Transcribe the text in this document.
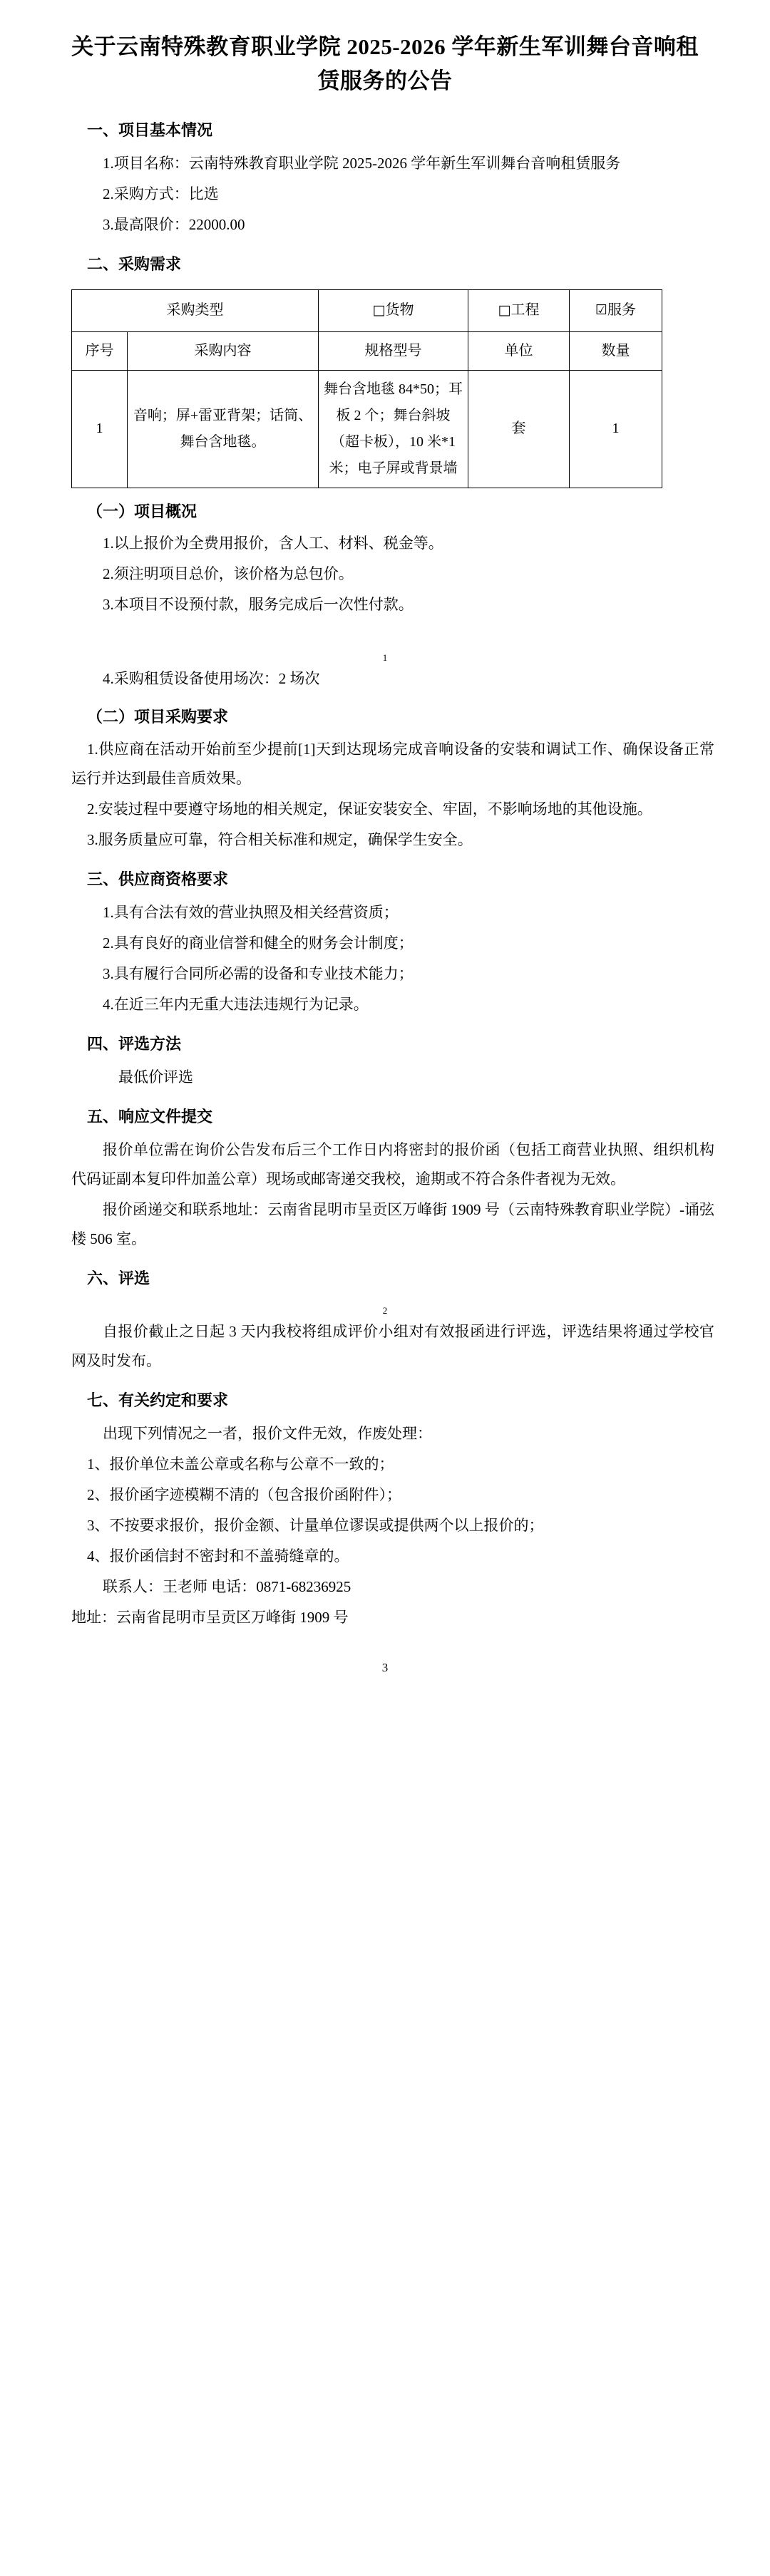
关于云南特殊教育职业学院 2025-2026 学年新生军训舞台音响租赁服务的公告
一、项目基本情况
1.项目名称：云南特殊教育职业学院 2025-2026 学年新生军训舞台音响租赁服务
2.采购方式：比选
3.最高限价：22000.00
二、采购需求
采购类型		□货物	□工程	☑服务
序号	采购内容	规格型号	单位	数量
1	音响；屏+雷亚背架；话筒、舞台含地毯。	舞台含地毯 84*50；耳板 2 个；舞台斜坡（超卡板），10 米*1 米；电子屏或背景墙	套	1
（一）项目概况
1.以上报价为全费用报价，含人工、材料、税金等。
2.须注明项目总价，该价格为总包价。
3.本项目不设预付款，服务完成后一次性付款。
1
4.采购租赁设备使用场次：2 场次
（二）项目采购要求
1.供应商在活动开始前至少提前[1]天到达现场完成音响设备的安装和调试工作、确保设备正常运行并达到最佳音质效果。
2.安装过程中要遵守场地的相关规定，保证安装安全、牢固，不影响场地的其他设施。
3.服务质量应可靠，符合相关标准和规定，确保学生安全。
三、供应商资格要求
1.具有合法有效的营业执照及相关经营资质；
2.具有良好的商业信誉和健全的财务会计制度；
3.具有履行合同所必需的设备和专业技术能力；
4.在近三年内无重大违法违规行为记录。
四、评选方法
最低价评选
五、响应文件提交
报价单位需在询价公告发布后三个工作日内将密封的报价函（包括工商营业执照、组织机构代码证副本复印件加盖公章）现场或邮寄递交我校，逾期或不符合条件者视为无效。
报价函递交和联系地址：云南省昆明市呈贡区万峰街 1909 号（云南特殊教育职业学院）-诵弦楼 506 室。
六、评选
2
自报价截止之日起 3 天内我校将组成评价小组对有效报函进行评选，评选结果将通过学校官网及时发布。
七、有关约定和要求
出现下列情况之一者，报价文件无效，作废处理：
1、报价单位未盖公章或名称与公章不一致的；
2、报价函字迹模糊不清的（包含报价函附件）；
3、不按要求报价，报价金额、计量单位谬误或提供两个以上报价的；
4、报价函信封不密封和不盖骑缝章的。
联系人：王老师 电话：0871-68236925
地址：云南省昆明市呈贡区万峰街 1909 号
3
